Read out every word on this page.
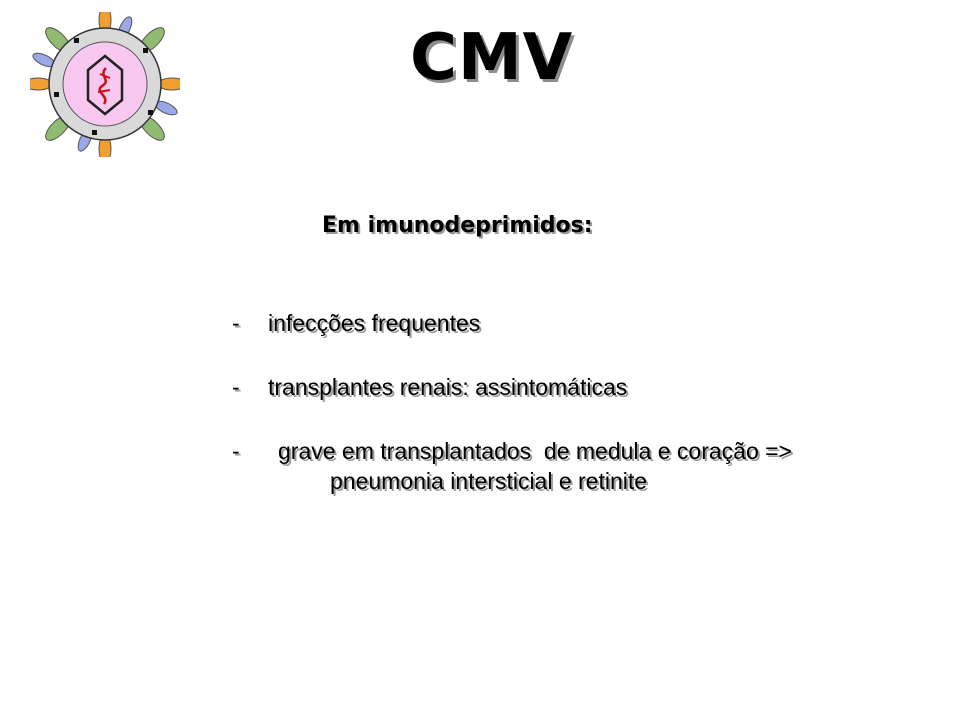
CMV
Em imunodeprimidos:
- infecções frequentes
- transplantes renais: assintomáticas
- grave em transplantados  de medula e coração =>
pneumonia intersticial e retinite
